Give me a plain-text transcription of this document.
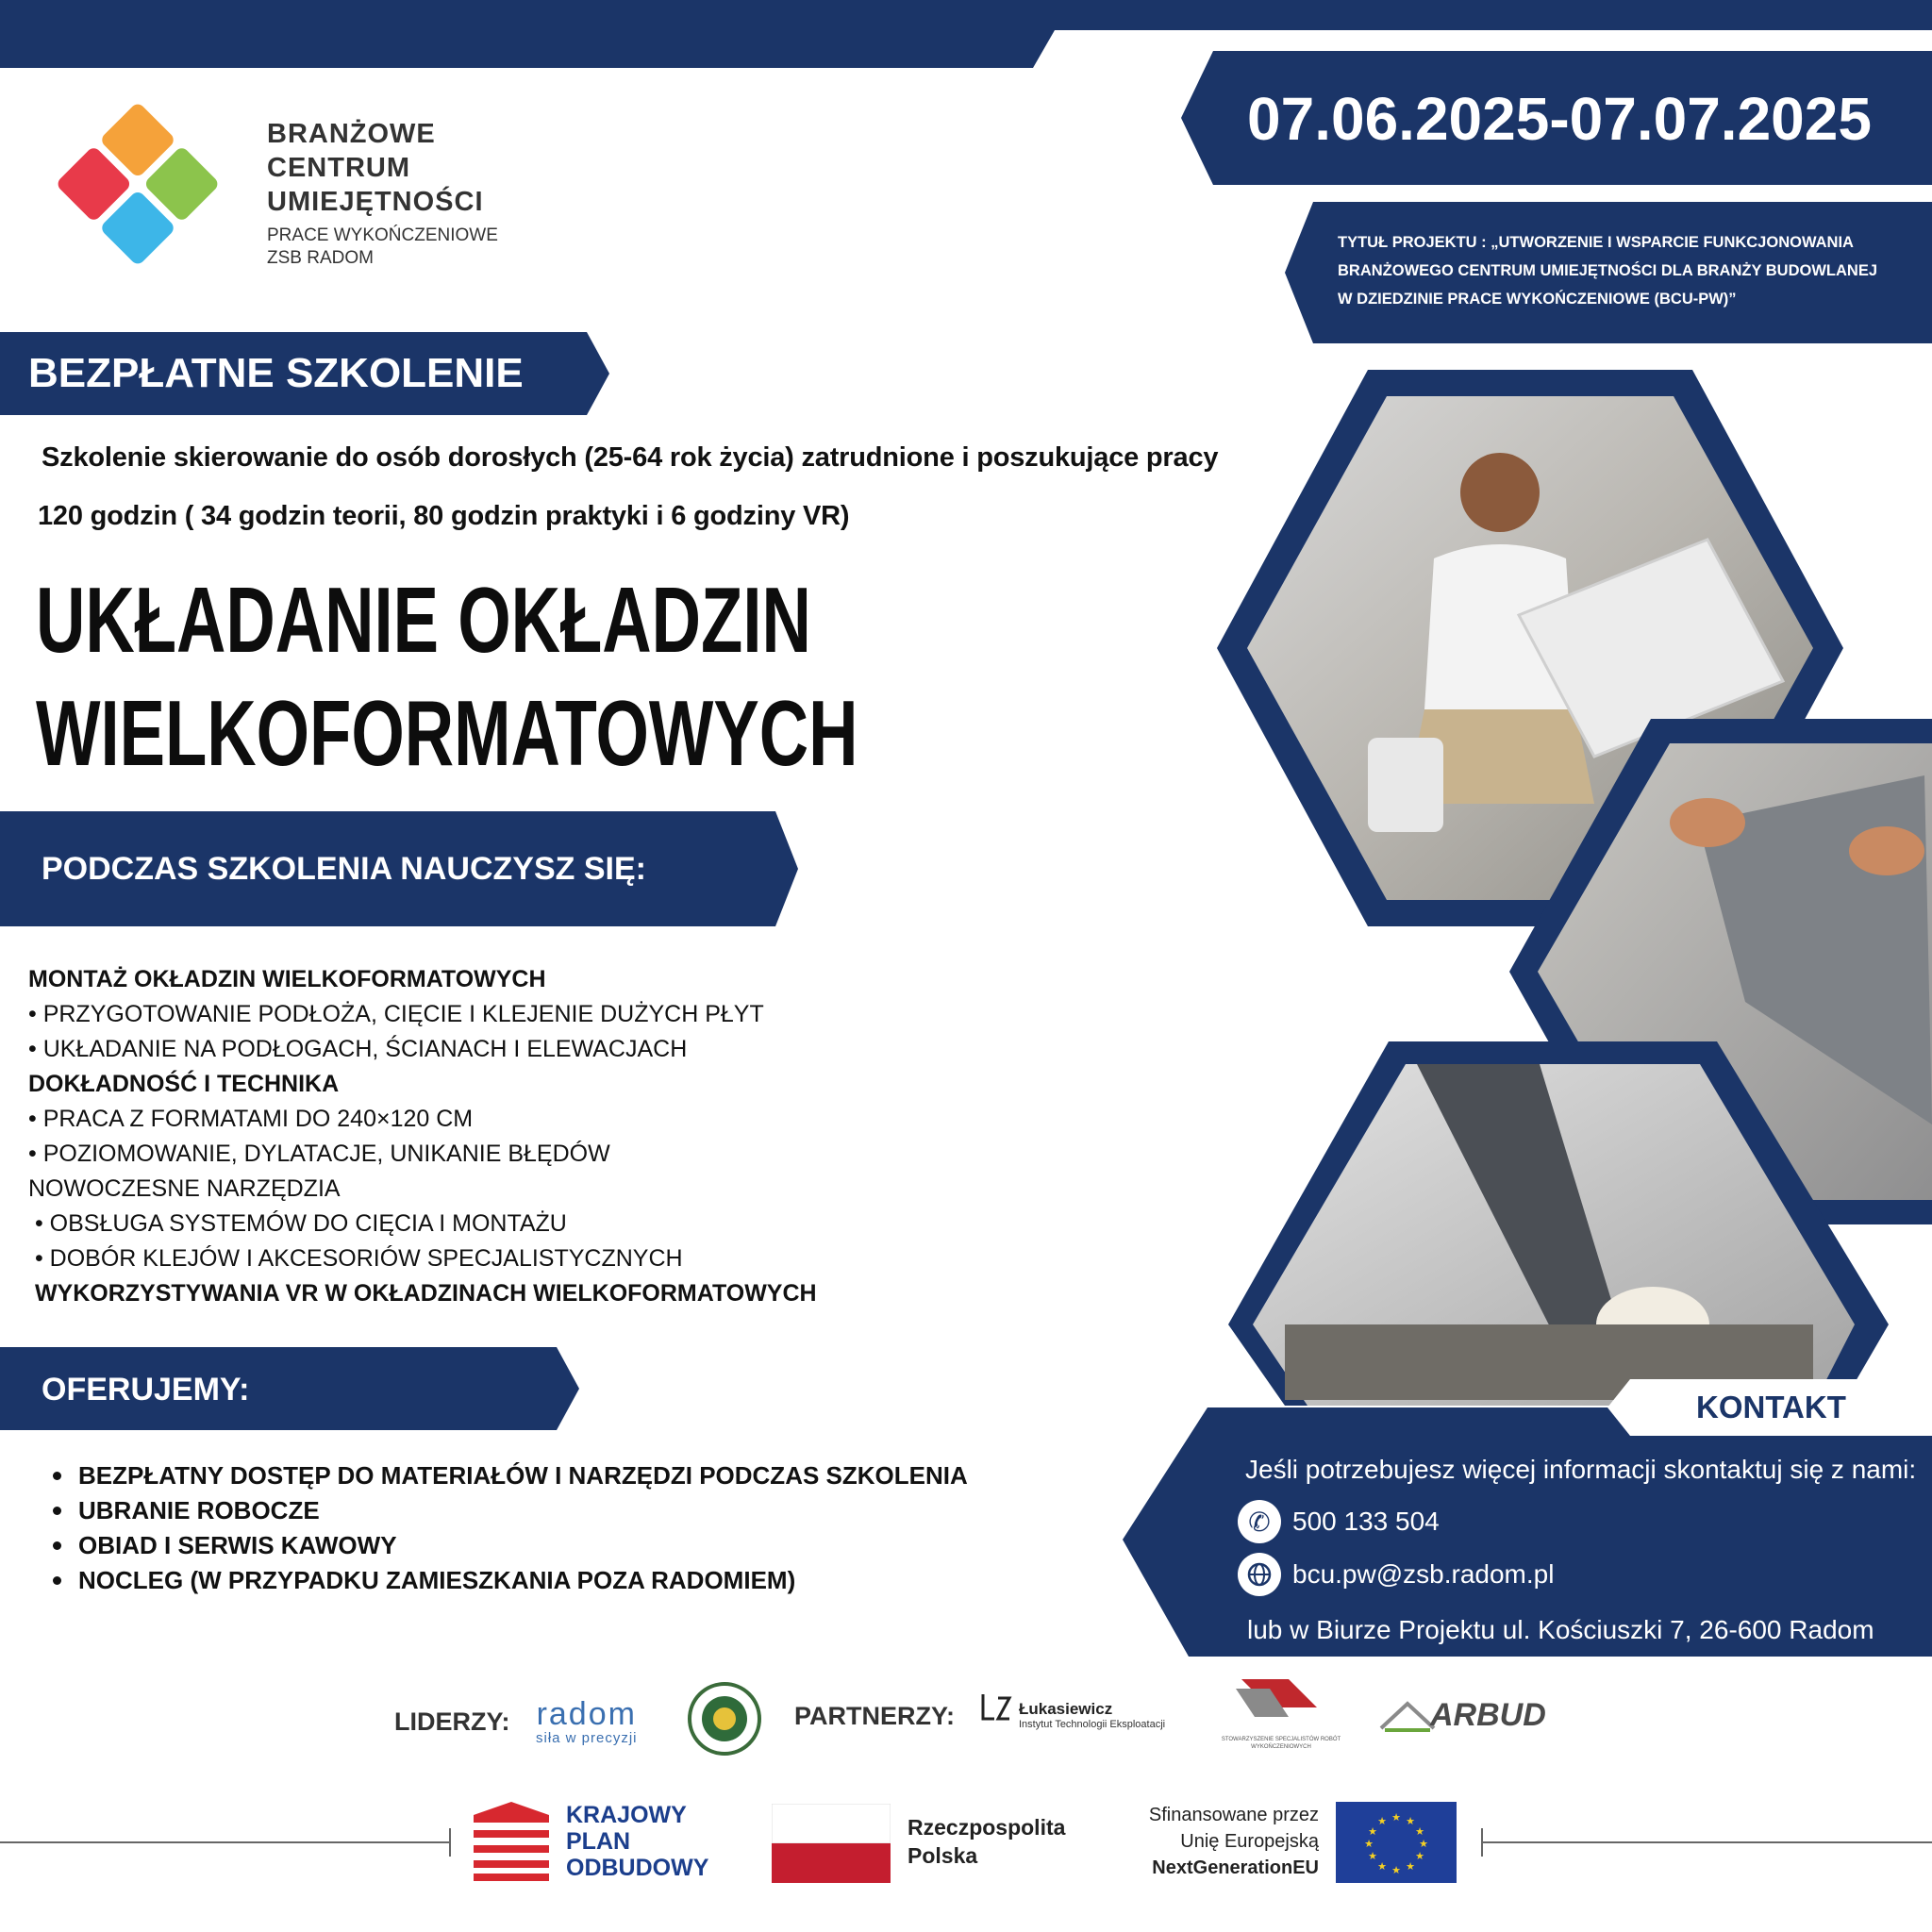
BRANŻOWE
CENTRUM
UMIEJĘTNOŚCI
PRACE WYKOŃCZENIOWE
ZSB RADOM
07.06.2025-07.07.2025
TYTUŁ PROJEKTU : „UTWORZENIE I WSPARCIE FUNKCJONOWANIA
BRANŻOWEGO CENTRUM UMIEJĘTNOŚCI DLA BRANŻY BUDOWLANEJ
W DZIEDZINIE PRACE WYKOŃCZENIOWE (BCU-PW)”
BEZPŁATNE SZKOLENIE
Szkolenie skierowanie do osób dorosłych (25-64 rok życia) zatrudnione i poszukujące pracy
120 godzin ( 34 godzin teorii, 80 godzin praktyki i 6 godziny VR)
UKŁADANIE OKŁADZIN
WIELKOFORMATOWYCH
PODCZAS SZKOLENIA NAUCZYSZ SIĘ:
MONTAŻ OKŁADZIN WIELKOFORMATOWYCH
• PRZYGOTOWANIE PODŁOŻA, CIĘCIE I KLEJENIE DUŻYCH PŁYT
• UKŁADANIE NA PODŁOGACH, ŚCIANACH I ELEWACJACH
DOKŁADNOŚĆ I TECHNIKA
• PRACA Z FORMATAMI DO 240×120 CM
• POZIOMOWANIE, DYLATACJE, UNIKANIE BŁĘDÓW
NOWOCZESNE NARZĘDZIA
• OBSŁUGA SYSTEMÓW DO CIĘCIA I MONTAŻU
• DOBÓR KLEJÓW I AKCESORIÓW SPECJALISTYCZNYCH
WYKORZYSTYWANIA VR W OKŁADZINACH WIELKOFORMATOWYCH
OFERUJEMY:
BEZPŁATNY DOSTĘP DO MATERIAŁÓW I NARZĘDZI PODCZAS SZKOLENIA
UBRANIE ROBOCZE
OBIAD I SERWIS KAWOWY
NOCLEG (W PRZYPADKU ZAMIESZKANIA POZA RADOMIEM)
KONTAKT
Jeśli potrzebujesz więcej informacji skontaktuj się z nami:
✆ 500 133 504
bcu.pw@zsb.radom.pl
lub w Biurze Projektu ul. Kościuszki 7, 26-600 Radom
LIDERZY: radom
siła w precyzji
PARTNERZY:	Łukasiewicz
Instytut Technologii Eksploatacji
STOWARZYSZENIE SPECJALISTÓW ROBÓT WYKOŃCZENIOWYCH
ARBUD
KRAJOWY
PLAN
ODBUDOWY
Rzeczpospolita
Polska
Sfinansowane przez
Unię Europejską
NextGenerationEU
★ ★
★
★
★
★
★
★
★
★
★
★
